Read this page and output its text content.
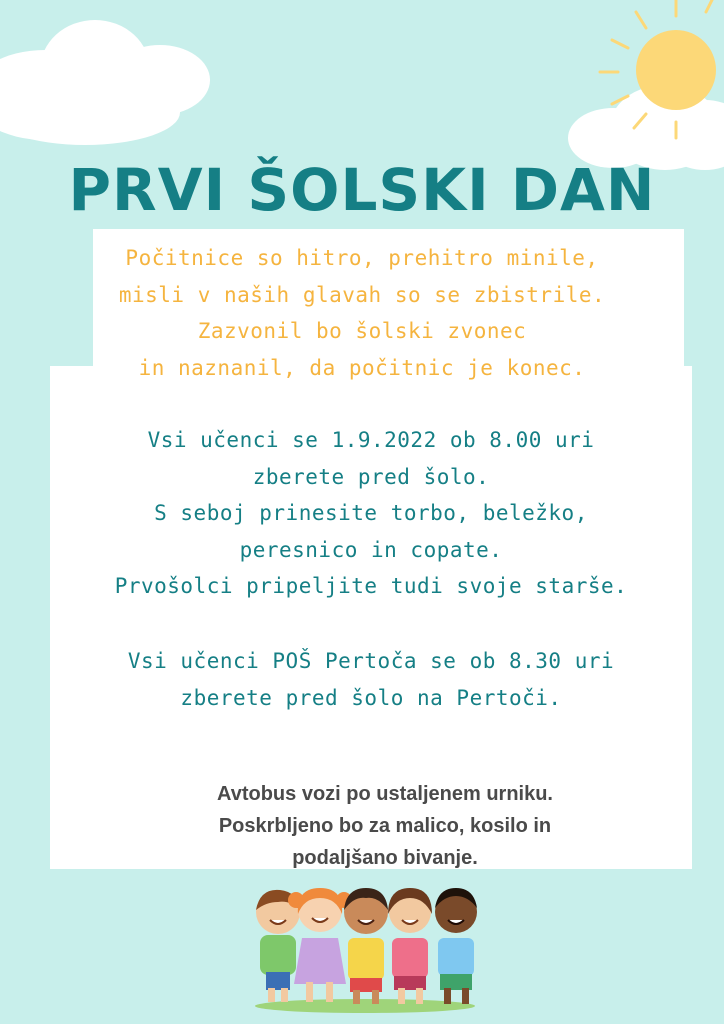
PRVI ŠOLSKI DAN
Počitnice so hitro, prehitro minile,
misli v naših glavah so se zbistrile.
Zazvonil bo šolski zvonec
in naznanil, da počitnic je konec.
Vsi učenci se 1.9.2022 ob 8.00 uri
zberete pred šolo.
S seboj prinesite torbo, beležko,
peresnico in copate.
Prvošolci pripeljite tudi svoje starše.
Vsi učenci POŠ Pertoča se ob 8.30 uri
zberete pred šolo na Pertoči.
Avtobus vozi po ustaljenem urniku.
Poskrbljeno bo za malico, kosilo in
podaljšano bivanje.
